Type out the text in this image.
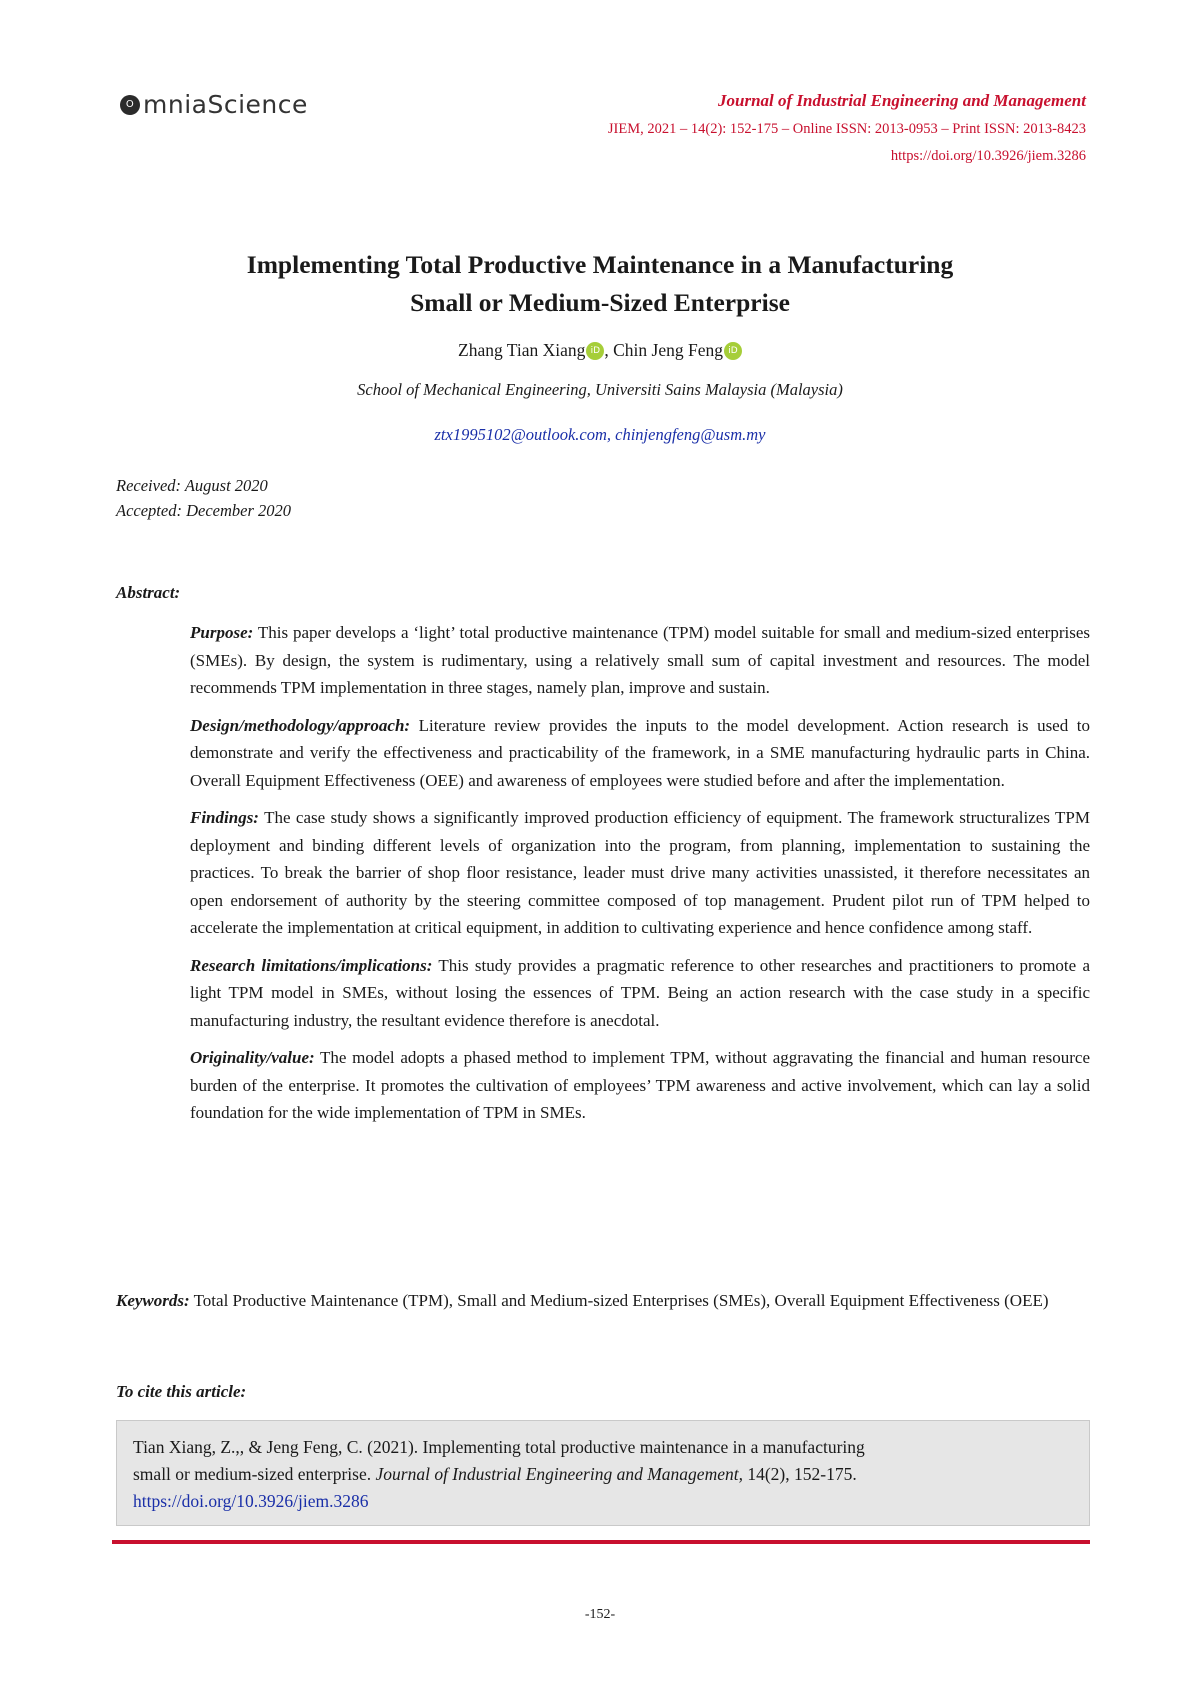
O mniaScience	Journal of Industrial Engineering and Management
JIEM, 2021 – 14(2): 152-175 – Online ISSN: 2013-0953 – Print ISSN: 2013-8423
https://doi.org/10.3926/jiem.3286
Implementing Total Productive Maintenance in a Manufacturing
Small or Medium-Sized Enterprise
Zhang Tian Xiang iD , Chin Jeng Feng iD
School of Mechanical Engineering, Universiti Sains Malaysia (Malaysia)
ztx1995102@outlook.com, chinjengfeng@usm.my
Received: August 2020
Accepted: December 2020
Abstract:

Purpose: This paper develops a ‘light’ total productive maintenance (TPM) model suitable for small and medium-sized enterprises (SMEs). By design, the system is rudimentary, using a relatively small sum of capital investment and resources. The model recommends TPM implementation in three stages, namely plan, improve and sustain.

Design/methodology/approach: Literature review provides the inputs to the model development. Action research is used to demonstrate and verify the effectiveness and practicability of the framework, in a SME manufacturing hydraulic parts in China. Overall Equipment Effectiveness (OEE) and awareness of employees were studied before and after the implementation.

Findings: The case study shows a significantly improved production efficiency of equipment. The framework structuralizes TPM deployment and binding different levels of organization into the program, from planning, implementation to sustaining the practices. To break the barrier of shop floor resistance, leader must drive many activities unassisted, it therefore necessitates an open endorsement of authority by the steering committee composed of top management. Prudent pilot run of TPM helped to accelerate the implementation at critical equipment, in addition to cultivating experience and hence confidence among staff.

Research limitations/implications: This study provides a pragmatic reference to other researches and practitioners to promote a light TPM model in SMEs, without losing the essences of TPM. Being an action research with the case study in a specific manufacturing industry, the resultant evidence therefore is anecdotal.

Originality/value: The model adopts a phased method to implement TPM, without aggravating the financial and human resource burden of the enterprise. It promotes the cultivation of employees’ TPM awareness and active involvement, which can lay a solid foundation for the wide implementation of TPM in SMEs.

Keywords: Total Productive Maintenance (TPM), Small and Medium-sized Enterprises (SMEs), Overall Equipment Effectiveness (OEE)

To cite this article:
Tian Xiang, Z.,, & Jeng Feng, C. (2021). Implementing total productive maintenance in a manufacturing
small or medium-sized enterprise. Journal of Industrial Engineering and Management, 14(2), 152-175.
https://doi.org/10.3926/jiem.3286
-152-
